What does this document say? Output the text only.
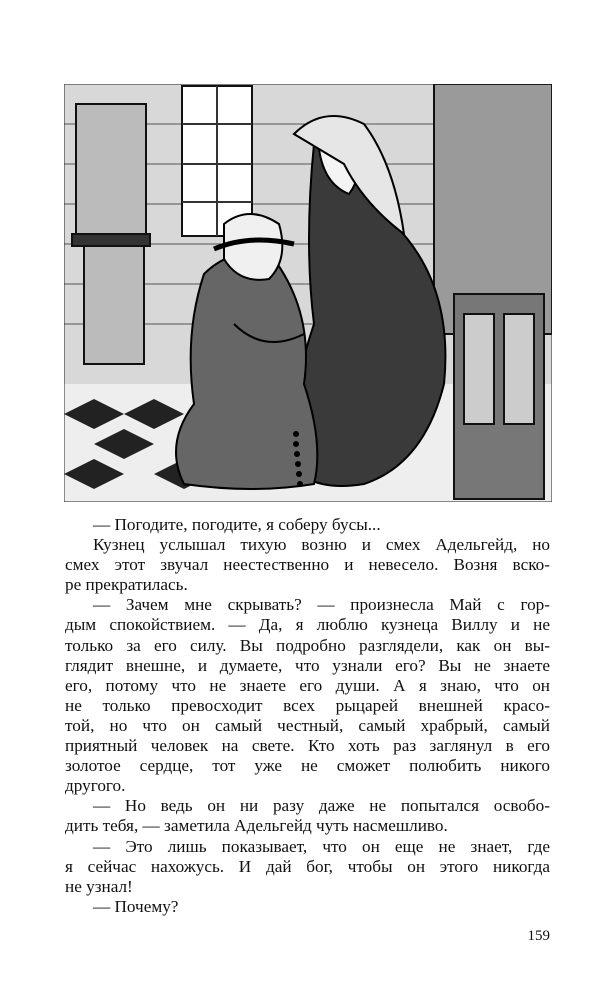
— Погодите, погодите, я соберу бусы...
Кузнец услышал тихую возню и смех Адельгейд, но
смех этот звучал неестественно и невесело. Возня вско-
ре прекратилась.
— Зачем мне скрывать? — произнесла Май с гор-
дым спокойствием. — Да, я люблю кузнеца Виллу и не
только за его силу. Вы подробно разглядели, как он вы-
глядит внешне, и думаете, что узнали его? Вы не знаете
его, потому что не знаете его души. А я знаю, что он
не только превосходит всех рыцарей внешней красо-
той, но что он самый честный, самый храбрый, самый
приятный человек на свете. Кто хоть раз заглянул в его
золотое сердце, тот уже не сможет полюбить никого
другого.
— Но ведь он ни разу даже не попытался освобо-
дить тебя, — заметила Адельгейд чуть насмешливо.
— Это лишь показывает, что он еще не знает, где
я сейчас нахожусь. И дай бог, чтобы он этого никогда
не узнал!
— Почему?
159
